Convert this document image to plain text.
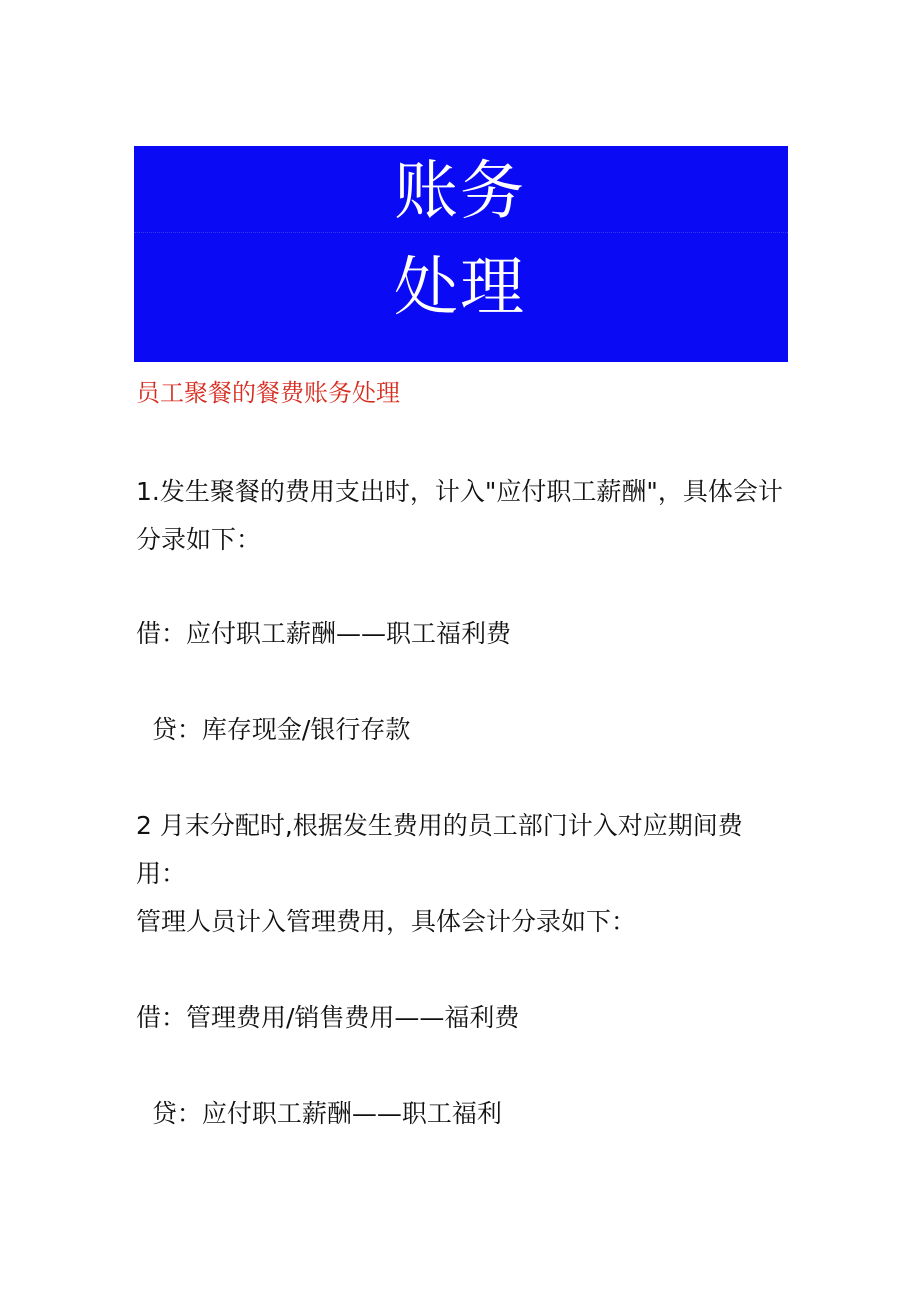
账务
处理
员工聚餐的餐费账务处理
1.发生聚餐的费用支出时，计入"应付职工薪酬"，具体会计分录如下：
借：应付职工薪酬——职工福利费
贷：库存现金/银行存款
2 月末分配时,根据发生费用的员工部门计入对应期间费用：
管理人员计入管理费用，具体会计分录如下：
借：管理费用/销售费用——福利费
贷：应付职工薪酬——职工福利
